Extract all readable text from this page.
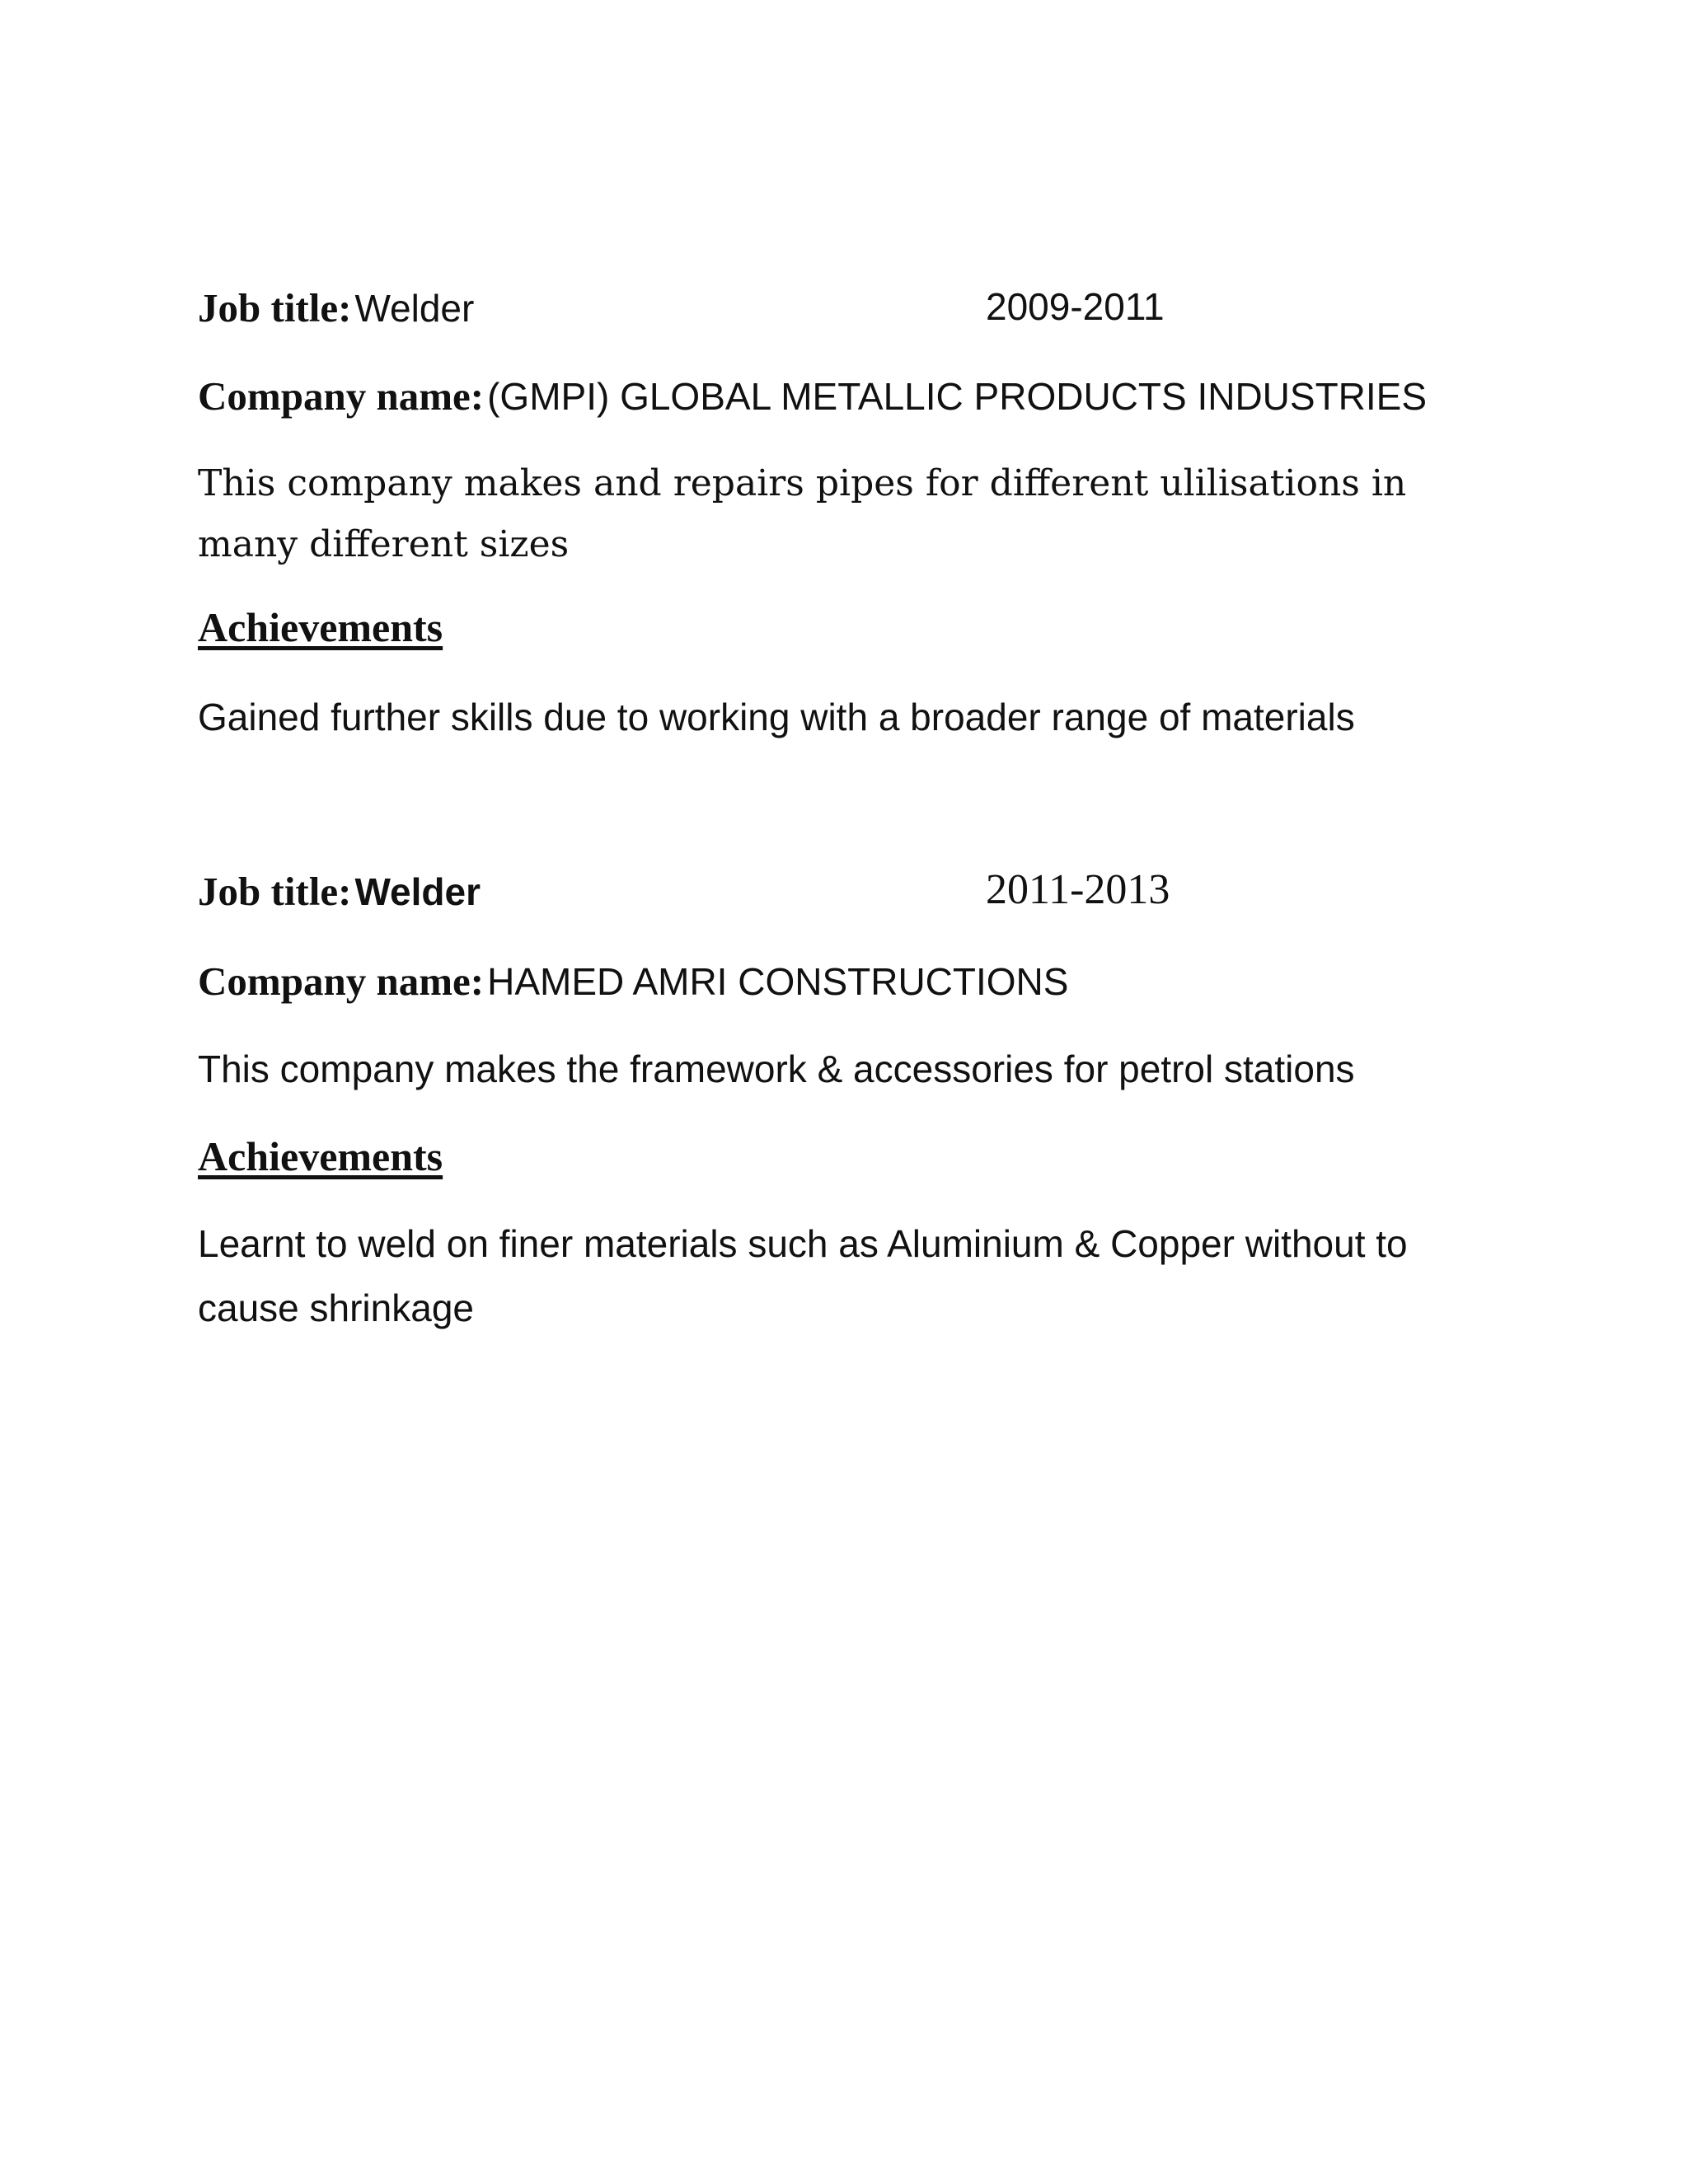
Job title: Welder	2009-2011
Company name: (GMPI) GLOBAL METALLIC PRODUCTS INDUSTRIES
This company makes and repairs pipes for different ulilisations in many different sizes
Achievements
Gained further skills due to working with a broader range of materials
Job title: Welder	2011-2013
Company name: HAMED AMRI CONSTRUCTIONS
This company makes the framework & accessories for petrol stations
Achievements
Learnt to weld on finer materials such as Aluminium & Copper without to cause shrinkage
